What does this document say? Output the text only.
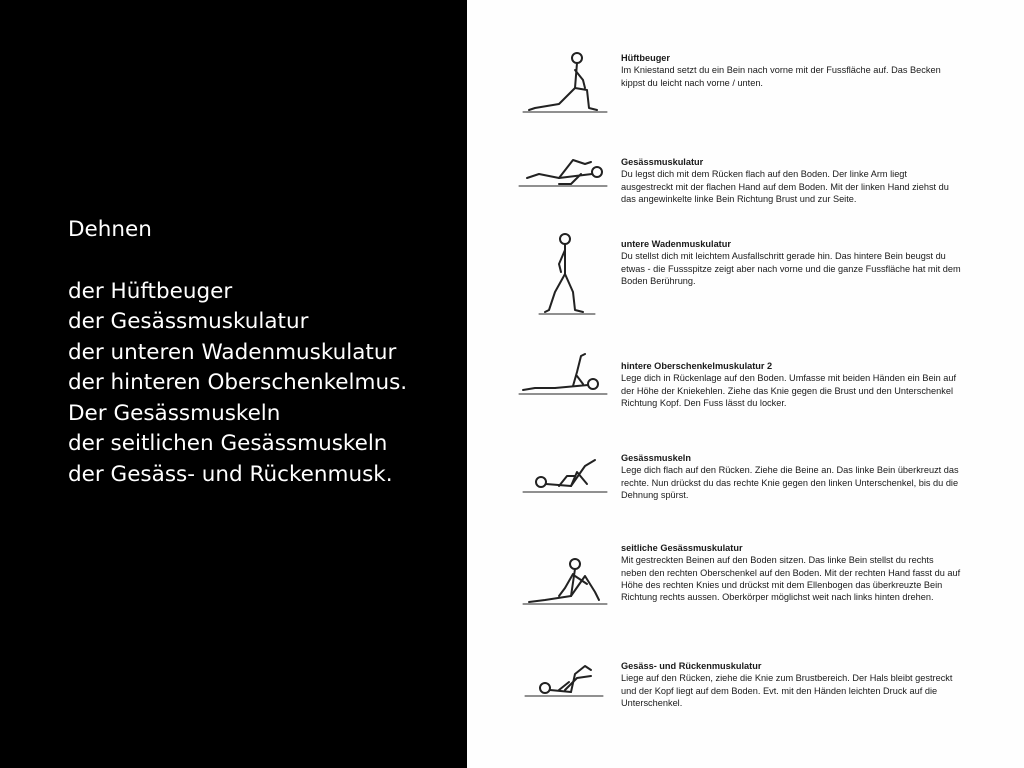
Dehnen
der Hüftbeuger
der Gesässmuskulatur
der unteren Wadenmuskulatur
der hinteren Oberschenkelmus.
Der Gesässmuskeln
der seitlichen Gesässmuskeln
der Gesäss- und Rückenmusk.
Hüftbeuger
Im Kniestand setzt du ein Bein nach vorne mit der Fussfläche auf. Das Becken kippst du leicht nach vorne / unten.
Gesässmuskulatur
Du legst dich mit dem Rücken flach auf den Boden. Der linke Arm liegt ausgestreckt mit der flachen Hand auf dem Boden. Mit der linken Hand ziehst du das angewinkelte linke Bein Richtung Brust und zur Seite.
untere Wadenmuskulatur
Du stellst dich mit leichtem Ausfallschritt gerade hin. Das hintere Bein beugst du etwas - die Fussspitze zeigt aber nach vorne und die ganze Fussfläche hat mit dem Boden Berührung.
hintere Oberschenkelmuskulatur 2
Lege dich in Rückenlage auf den Boden. Umfasse mit beiden Händen ein Bein auf der Höhe der Kniekehlen. Ziehe das Knie gegen die Brust und den Unterschenkel Richtung Kopf. Den Fuss lässt du locker.
Gesässmuskeln
Lege dich flach auf den Rücken. Ziehe die Beine an. Das linke Bein überkreuzt das rechte. Nun drückst du das rechte Knie gegen den linken Unterschenkel, bis du die Dehnung spürst.
seitliche Gesässmuskulatur
Mit gestreckten Beinen auf den Boden sitzen. Das linke Bein stellst du rechts neben den rechten Oberschenkel auf den Boden. Mit der rechten Hand fasst du auf Höhe des rechten Knies und drückst mit dem Ellenbogen das überkreuzte Bein Richtung rechts aussen. Oberkörper möglichst weit nach links hinten drehen.
Gesäss- und Rückenmuskulatur
Liege auf den Rücken, ziehe die Knie zum Brustbereich. Der Hals bleibt gestreckt und der Kopf liegt auf dem Boden. Evt. mit den Händen leichten Druck auf die Unterschenkel.
